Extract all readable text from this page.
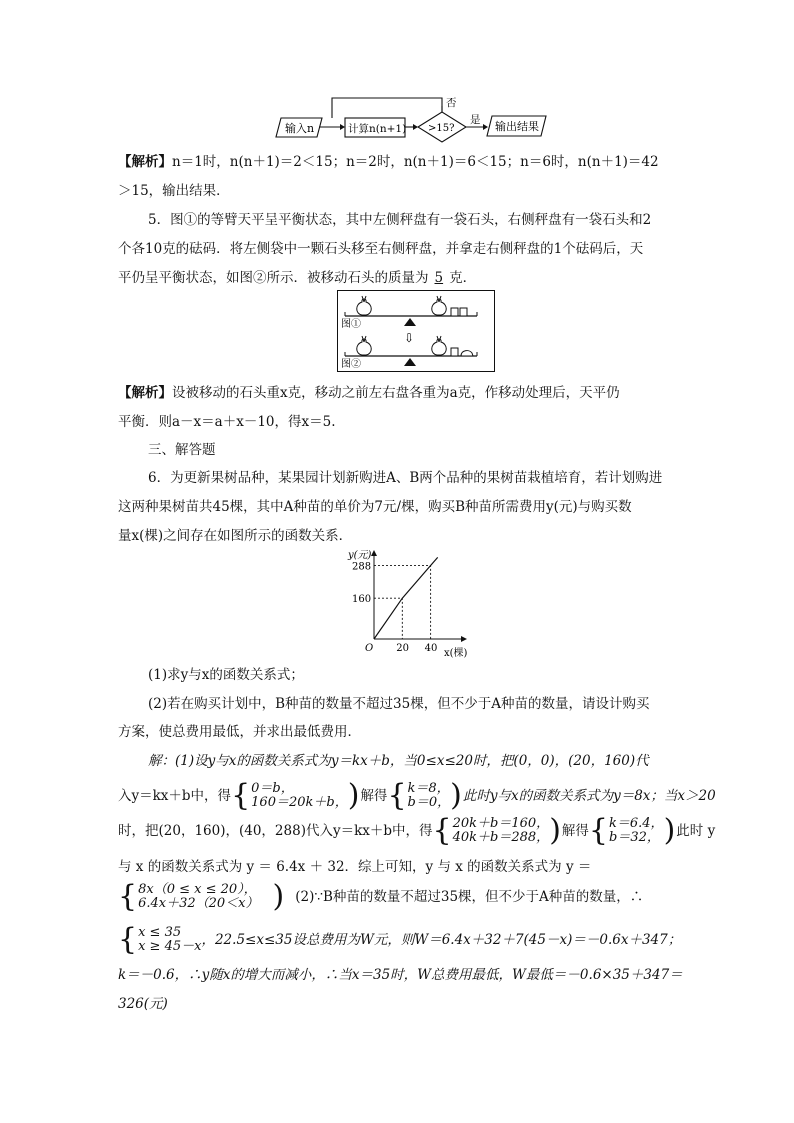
输入n	计算n(n+1) >15?
否
是 输出结果
【解析】n＝1时，n(n＋1)＝2＜15；n＝2时，n(n＋1)＝6＜15；n＝6时，n(n＋1)＝42
＞15，输出结果．
5．图①的等臂天平呈平衡状态，其中左侧秤盘有一袋石头，右侧秤盘有一袋石头和2
个各10克的砝码．将左侧袋中一颗石头移至右侧秤盘，并拿走右侧秤盘的1个砝码后，天
平仍呈平衡状态，如图②所示．被移动石头的质量为 5 克．
图①
⇩
图②
【解析】设被移动的石头重x克，移动之前左右盘各重为a克，作移动处理后，天平仍
平衡．则a－x＝a＋x－10，得x＝5.
三、解答题
6．为更新果树品种，某果园计划新购进A、B两个品种的果树苗栽植培育，若计划购进
这两种果树苗共45棵，其中A种苗的单价为7元/棵，购买B种苗所需费用y(元)与购买数
量x(棵)之间存在如图所示的函数关系．
y(元)
x(棵)
O 20 40
160
288
(1)求y与x的函数关系式；
(2)若在购买计划中，B种苗的数量不超过35棵，但不少于A种苗的数量，请设计购买
方案，使总费用最低，并求出最低费用．
解：(1)设y与x的函数关系式为y＝kx＋b，当0≤x≤20时，把(0，0)，(20，160)代
入y＝kx＋b中，得 { 0＝b，
160＝20k＋b， ) 解得 { k＝8，
b＝0， ) 此时y与x的函数关系式为y＝8x；当x＞20
时，把(20，160)，(40，288)代入y＝kx＋b中，得 { 20k＋b＝160，
40k＋b＝288， ) 解得 { k＝6.4，
b＝32， ) 此时 y
与 x 的函数关系式为 y ＝ 6.4x ＋ 32．综上可知，y 与 x 的函数关系式为 y ＝
{ 8x（0 ≤ x ≤ 20），
6.4x＋32（20＜x） ) (2)∵B种苗的数量不超过35棵，但不少于A种苗的数量，∴
{ x ≤ 35
x ≥ 45－x ，22.5≤x≤35设总费用为W元，则W＝6.4x＋32＋7(45－x)＝－0.6x＋347；
k＝－0.6，∴y随x的增大而减小，∴当x＝35时，W总费用最低，W最低＝－0.6×35＋347＝
326(元)
